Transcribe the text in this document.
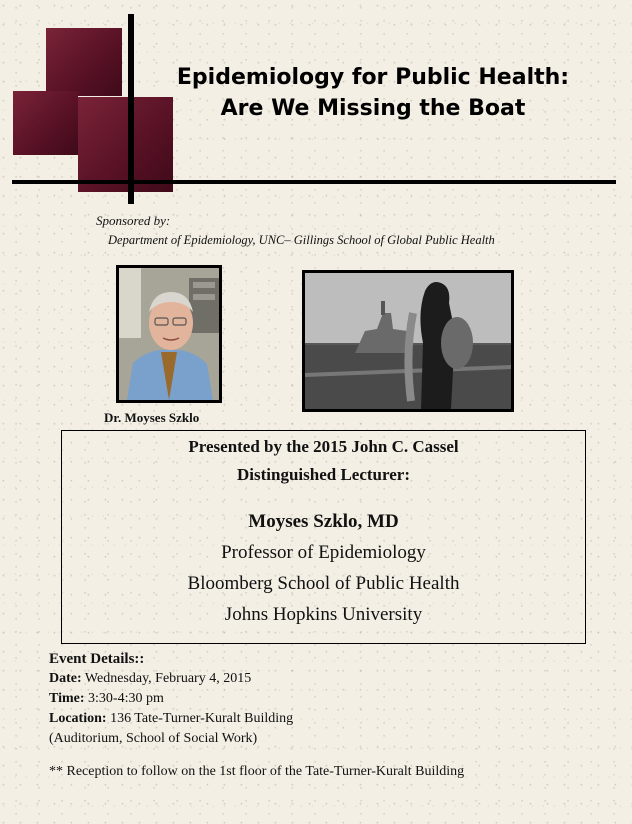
Epidemiology for Public Health:
Are We Missing the Boat
Sponsored by:
Department of Epidemiology, UNC– Gillings School of Global Public Health
Dr. Moyses Szklo
Presented by the 2015 John C. Cassel
Distinguished Lecturer:
Moyses Szklo, MD
Professor of Epidemiology
Bloomberg School of Public Health
Johns Hopkins University
Event Details::
Date: Wednesday, February 4, 2015
Time: 3:30-4:30 pm
Location: 136 Tate-Turner-Kuralt Building
(Auditorium, School of Social Work)
** Reception to follow on the 1st floor of the Tate-Turner-Kuralt Building
